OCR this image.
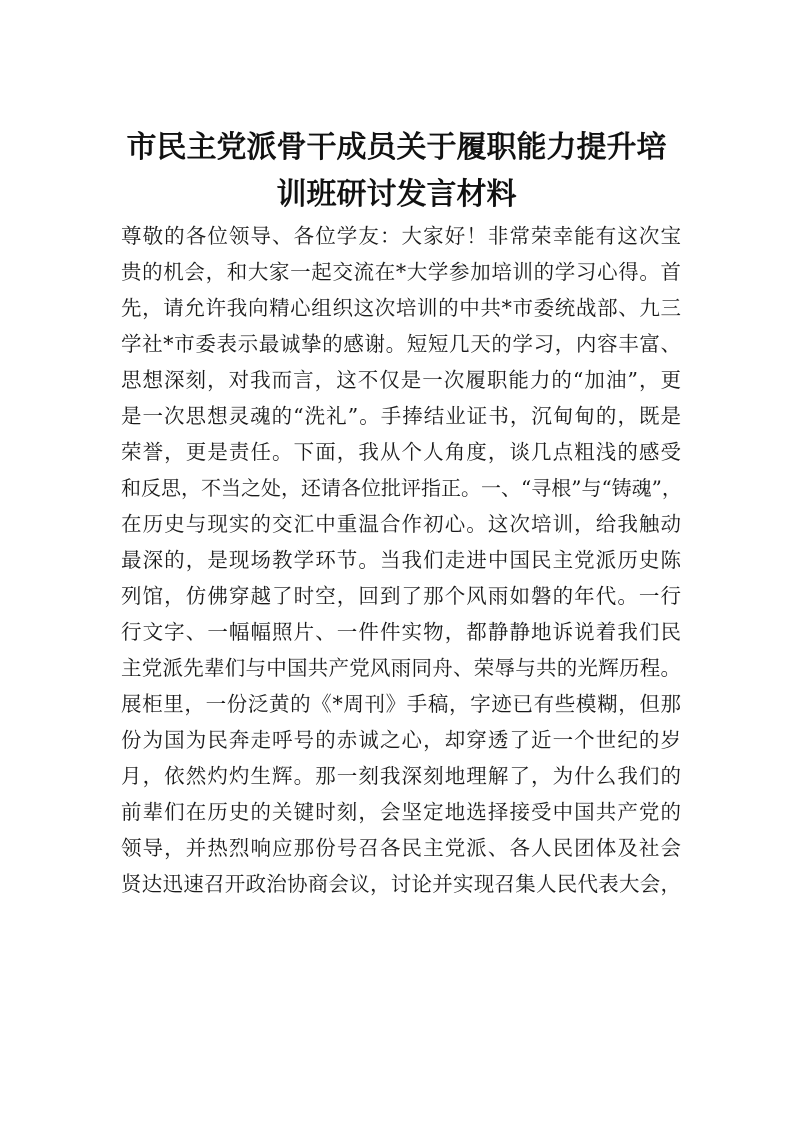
市民主党派骨干成员关于履职能力提升培
训班研讨发言材料

尊敬的各位领导、各位学友：大家好！非常荣幸能有这次宝

贵的机会，和大家一起交流在*大学参加培训的学习心得。首

先，请允许我向精心组织这次培训的中共*市委统战部、九三

学社*市委表示最诚挚的感谢。短短几天的学习，内容丰富、

思想深刻，对我而言，这不仅是一次履职能力的“加油”，更

是一次思想灵魂的“洗礼”。手捧结业证书，沉甸甸的，既是

荣誉，更是责任。下面，我从个人角度，谈几点粗浅的感受

和反思，不当之处，还请各位批评指正。一、“寻根”与“铸魂”，

在历史与现实的交汇中重温合作初心。这次培训，给我触动

最深的，是现场教学环节。当我们走进中国民主党派历史陈

列馆，仿佛穿越了时空，回到了那个风雨如磐的年代。一行

行文字、一幅幅照片、一件件实物，都静静地诉说着我们民

主党派先辈们与中国共产党风雨同舟、荣辱与共的光辉历程。

展柜里，一份泛黄的《*周刊》手稿，字迹已有些模糊，但那

份为国为民奔走呼号的赤诚之心，却穿透了近一个世纪的岁

月，依然灼灼生辉。那一刻我深刻地理解了，为什么我们的

前辈们在历史的关键时刻，会坚定地选择接受中国共产党的

领导，并热烈响应那份号召各民主党派、各人民团体及社会

贤达迅速召开政治协商会议，讨论并实现召集人民代表大会，
